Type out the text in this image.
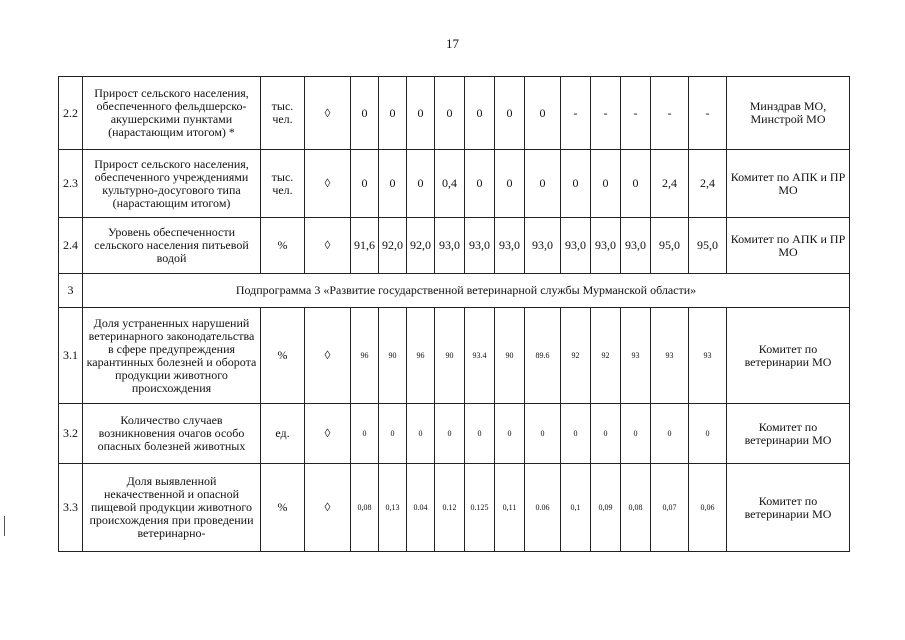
17
2.2	Прирост сельского населения, обеспеченного фельдшерско-акушерскими пунктами (нарастающим итогом) *	тыс. чел.	◊	0	0	0	0	0	0	0	-	-	-	-	-	Минздрав МО, Минстрой МО
2.3	Прирост сельского населения, обеспеченного учреждениями культурно-досугового типа (нарастающим итогом)	тыс. чел.	◊	0	0	0	0,4	0	0	0	0	0	0	2,4	2,4	Комитет по АПК и ПР МО
2.4	Уровень обеспеченности сельского населения питьевой водой	%	◊	91,6	92,0	92,0	93,0	93,0	93,0	93,0	93,0	93,0	93,0	95,0	95,0	Комитет по АПК и ПР МО
3	Подпрограмма 3 «Развитие государственной ветеринарной службы Мурманской области»															
3.1	Доля устраненных нарушений ветеринарного законодательства в сфере предупреждения карантинных болезней и оборота продукции животного происхождения	%	◊	96	90	96	90	93.4	90	89.6	92	92	93	93	93	Комитет по ветеринарии МО
3.2	Количество случаев возникновения очагов особо опасных болезней животных	ед.	◊	0	0	0	0	0	0	0	0	0	0	0	0	Комитет по ветеринарии МО
3.3	Доля выявленной некачественной и опасной пищевой продукции животного происхождения при проведении ветеринарно-	%	◊	0,08	0,13	0.04	0.12	0.125	0,11	0.06	0,1	0,09	0,08	0,07	0,06	Комитет по ветеринарии МО
